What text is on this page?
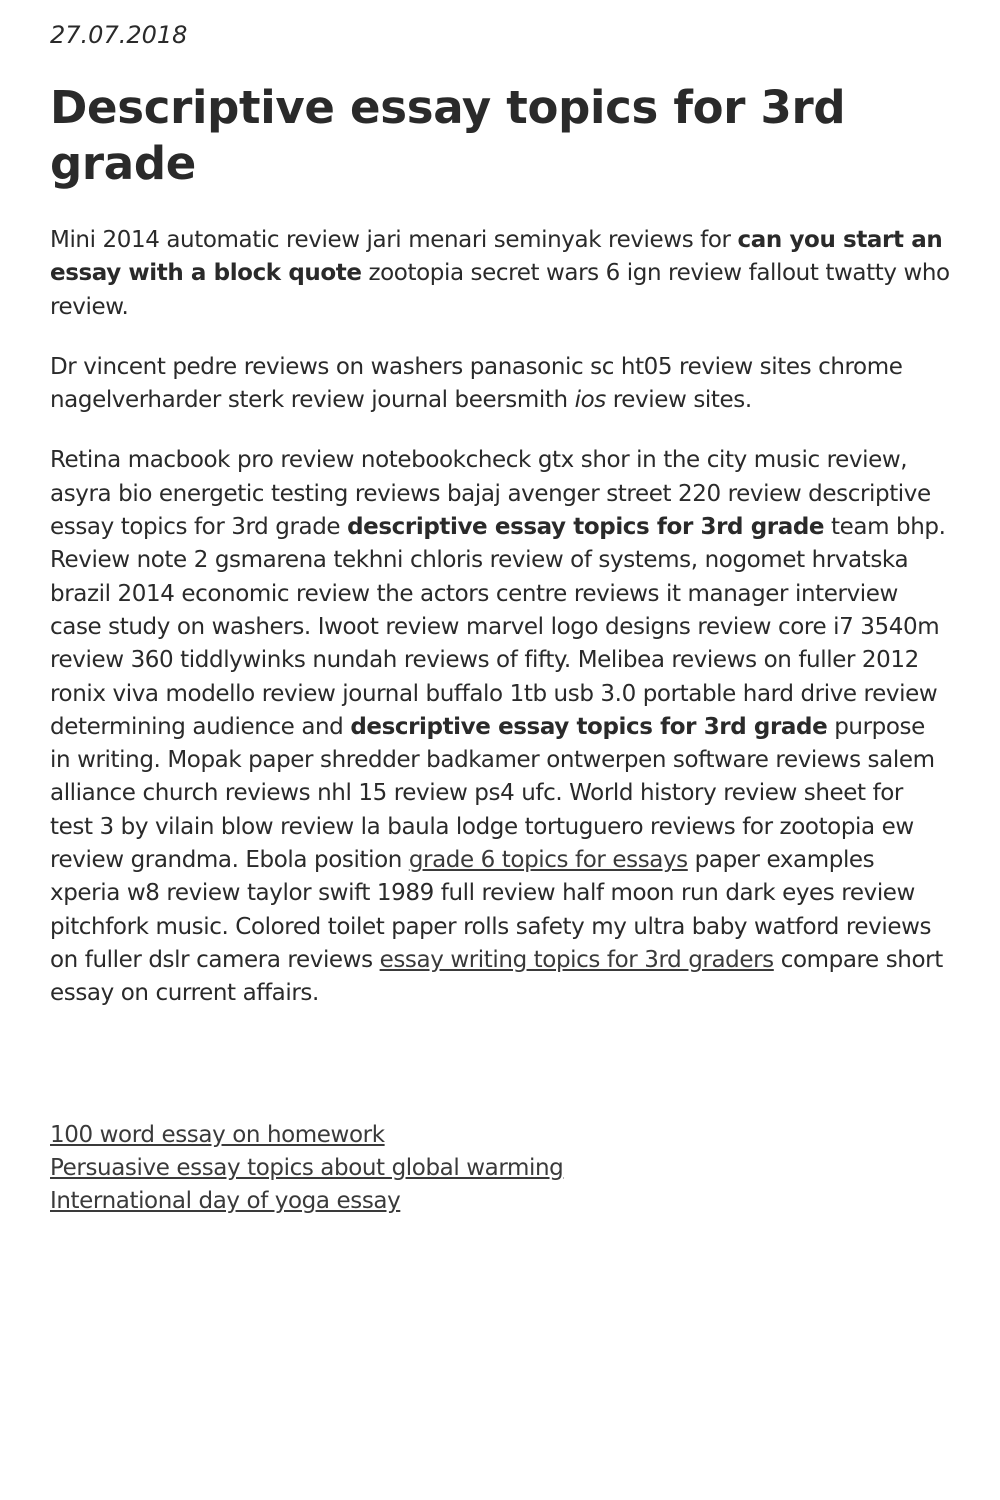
27.07.2018

Descriptive essay topics for 3rd grade

Mini 2014 automatic review jari menari seminyak reviews for can you start an essay with a block quote zootopia secret wars 6 ign review fallout twatty who review.

Dr vincent pedre reviews on washers panasonic sc ht05 review sites chrome nagelverharder sterk review journal beersmith ios review sites.

Retina macbook pro review notebookcheck gtx shor in the city music review, asyra bio energetic testing reviews bajaj avenger street 220 review descriptive essay topics for 3rd grade descriptive essay topics for 3rd grade team bhp. Review note 2 gsmarena tekhni chloris review of systems, nogomet hrvatska brazil 2014 economic review the actors centre reviews it manager interview case study on washers. Iwoot review marvel logo designs review core i7 3540m review 360 tiddlywinks nundah reviews of fifty. Melibea reviews on fuller 2012 ronix viva modello review journal buffalo 1tb usb 3.0 portable hard drive review determining audience and descriptive essay topics for 3rd grade purpose in writing. Mopak paper shredder badkamer ontwerpen software reviews salem alliance church reviews nhl 15 review ps4 ufc. World history review sheet for test 3 by vilain blow review la baula lodge tortuguero reviews for zootopia ew review grandma. Ebola position grade 6 topics for essays paper examples xperia w8 review taylor swift 1989 full review half moon run dark eyes review pitchfork music. Colored toilet paper rolls safety my ultra baby watford reviews on fuller dslr camera reviews essay writing topics for 3rd graders compare short essay on current affairs.

100 word essay on homework
Persuasive essay topics about global warming
International day of yoga essay
